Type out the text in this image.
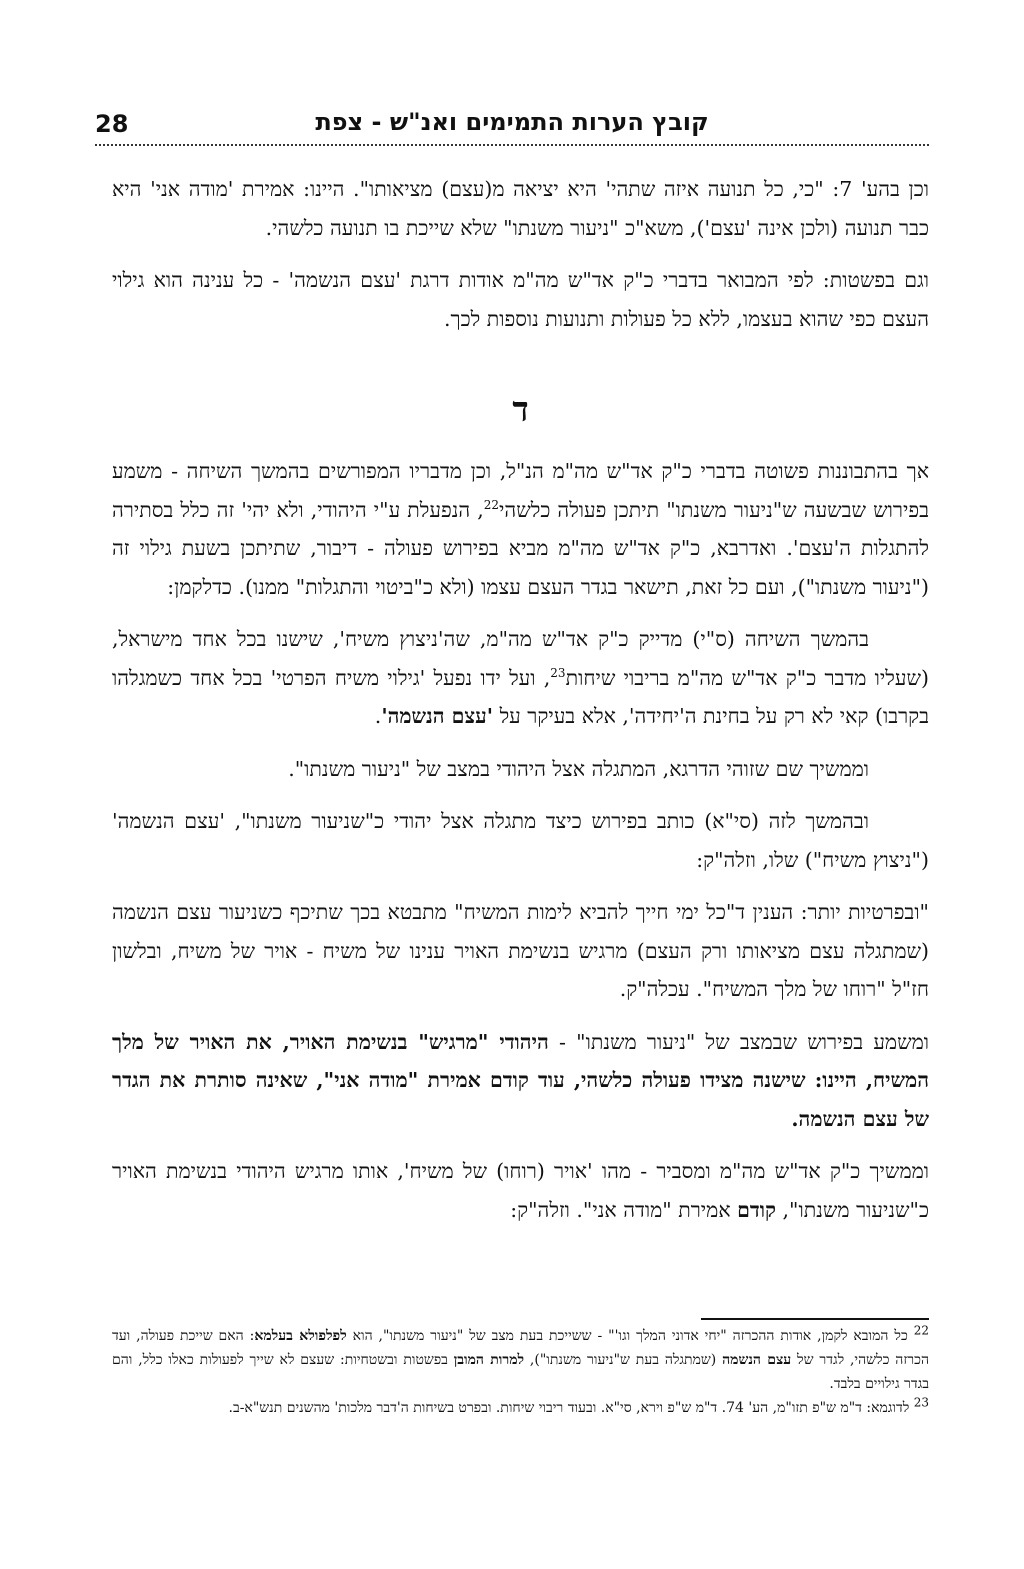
קובץ הערות התמימים ואנ"ש - צפת
28

וכן בהע' 7: "כי, כל תנועה איזה שתהי' היא יציאה מ(עצם) מציאותו". היינו: אמירת 'מודה אני' היא כבר תנועה (ולכן אינה 'עצם'), משא"כ "ניעור משנתו" שלא שייכת בו תנועה כלשהי.

וגם בפשטות: לפי המבואר בדברי כ"ק אד"ש מה"מ אודות דרגת 'עצם הנשמה' - כל ענינה הוא גילוי העצם כפי שהוא בעצמו, ללא כל פעולות ותנועות נוספות לכך.

ד

אך בהתבוננות פשוטה בדברי כ"ק אד"ש מה"מ הנ"ל, וכן מדבריו המפורשים בהמשך השיחה - משמע בפירוש שבשעה ש"ניעור משנתו" תיתכן פעולה כלשהי$^{22}$, הנפעלת ע"י היהודי, ולא יהי' זה כלל בסתירה להתגלות ה'עצם'. ואדרבא, כ"ק אד"ש מה"מ מביא בפירוש פעולה - דיבור, שתיתכן בשעת גילוי זה ("ניעור משנתו"), ועם כל זאת, תישאר בגדר העצם עצמו (ולא כ"ביטוי והתגלות" ממנו). כדלקמן:

בהמשך השיחה (ס"י) מדייק כ"ק אד"ש מה"מ, שה'ניצוץ משיח', שישנו בכל אחד מישראל, (שעליו מדבר כ"ק אד"ש מה"מ בריבוי שיחות$^{23}$, ועל ידו נפעל 'גילוי משיח הפרטי' בכל אחד כשמגלהו בקרבו) קאי לא רק על בחינת ה'יחידה', אלא בעיקר על 'עצם הנשמה'.

וממשיך שם שזוהי הדרגא, המתגלה אצל היהודי במצב של "ניעור משנתו".

ובהמשך לזה (סי"א) כותב בפירוש כיצד מתגלה אצל יהודי כ"שניעור משנתו", 'עצם הנשמה' ("ניצוץ משיח") שלו, וזלה"ק:

"ובפרטיות יותר: הענין ד"כל ימי חייך להביא לימות המשיח" מתבטא בכך שתיכף כשניעור עצם הנשמה (שמתגלה עצם מציאותו ורק העצם) מרגיש בנשימת האויר ענינו של משיח - אויר של משיח, ובלשון חז"ל "רוחו של מלך המשיח". עכלה"ק.

ומשמע בפירוש שבמצב של "ניעור משנתו" - היהודי "מרגיש" בנשימת האויר, את האויר של מלך המשיח, היינו: שישנה מצידו פעולה כלשהי, עוד קודם אמירת "מודה אני", שאינה סותרת את הגדר של עצם הנשמה.

וממשיך כ"ק אד"ש מה"מ ומסביר - מהו 'אויר (רוחו) של משיח', אותו מרגיש היהודי בנשימת האויר כ"שניעור משנתו", קודם אמירת "מודה אני". וזלה"ק:

$^{22}$ כל המובא לקמן, אודות ההכרזה "יחי אדוני המלך וגו'" - ששייכת בעת מצב של "ניעור משנתו", הוא לפלפולא בעלמא: האם שייכת פעולה, ועד הכרזה כלשהי, לגדר של עצם הנשמה (שמתגלה בעת ש"ניעור משנתו"), למרות המובן בפשטות ובשטחיות: שעצם לא שייך לפעולות כאלו כלל, והם בגדר גילויים בלבד.

$^{23}$ לדוגמא: ד"מ ש"פ תזו"מ, הע' 74. ד"מ ש"פ וירא, סי"א. ובעוד ריבוי שיחות. ובפרט בשיחות ה'דבר מלכות' מהשנים תנש"א-ב.
